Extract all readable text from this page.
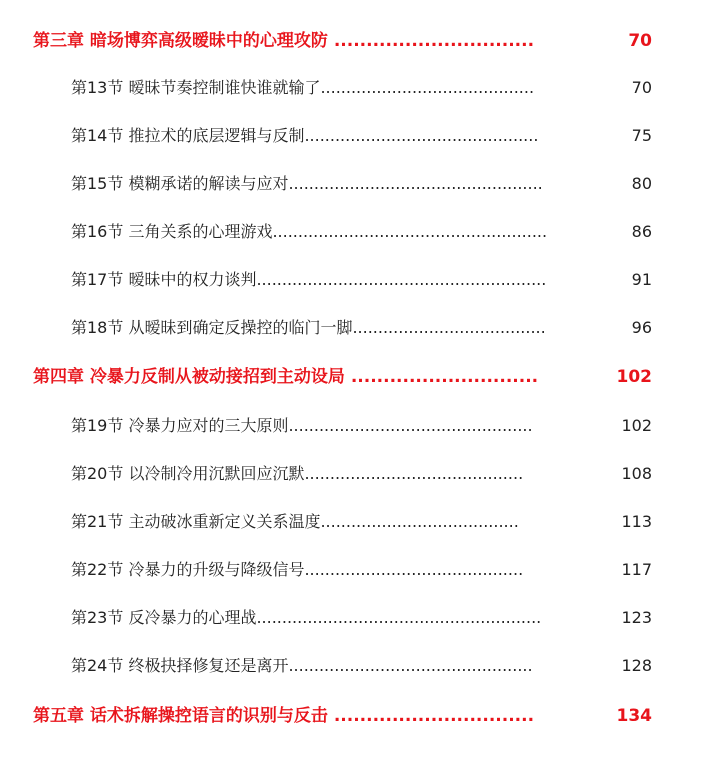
第三章 暗场博弈高级暧昧中的心理攻防 ...............................	70
第13节 暧昧节奏控制谁快谁就输了..........................................	70
第14节 推拉术的底层逻辑与反制..............................................	75
第15节 模糊承诺的解读与应对..................................................	80
第16节 三角关系的心理游戏......................................................	86
第17节 暧昧中的权力谈判.........................................................	91
第18节 从暧昧到确定反操控的临门一脚......................................	96
第四章 冷暴力反制从被动接招到主动设局 .............................	102
第19节 冷暴力应对的三大原则................................................	102
第20节 以冷制冷用沉默回应沉默...........................................	108
第21节 主动破冰重新定义关系温度.......................................	113
第22节 冷暴力的升级与降级信号...........................................	117
第23节 反冷暴力的心理战........................................................	123
第24节 终极抉择修复还是离开................................................	128
第五章 话术拆解操控语言的识别与反击 ...............................	134
